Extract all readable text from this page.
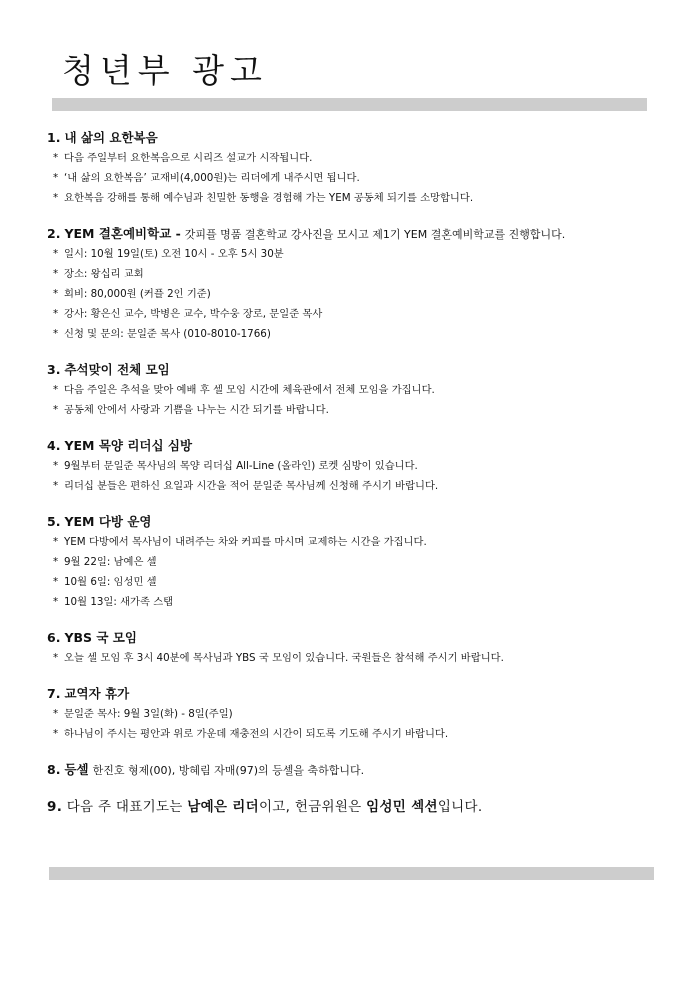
청년부 광고
1. 내 삶의 요한복음
* 다음 주일부터 요한복음으로 시리즈 설교가 시작됩니다.
* ‘내 삶의 요한복음’ 교재비(4,000원)는 리더에게 내주시면 됩니다.
* 요한복음 강해를 통해 예수님과 친밀한 동행을 경험해 가는 YEM 공동체 되기를 소망합니다.
2. YEM 결혼예비학교 - 갓피플 명품 결혼학교 강사진을 모시고 제1기 YEM 결혼예비학교를 진행합니다.
* 일시: 10월 19일(토) 오전 10시 - 오후 5시 30분
* 장소: 왕십리 교회
* 회비: 80,000원 (커플 2인 기준)
* 강사: 황은신 교수, 박병은 교수, 박수웅 장로, 문일준 목사
* 신청 및 문의: 문일준 목사 (010-8010-1766)
3. 추석맞이 전체 모임
* 다음 주일은 추석을 맞아 예배 후 셀 모임 시간에 체육관에서 전체 모임을 가집니다.
* 공동체 안에서 사랑과 기쁨을 나누는 시간 되기를 바랍니다.
4. YEM 목양 리더십 심방
* 9월부터 문일준 목사님의 목양 리더십 All-Line (올라인) 로켓 심방이 있습니다.
* 리더십 분들은 편하신 요일과 시간을 적어 문일준 목사님께 신청해 주시기 바랍니다.
5. YEM 다방 운영
* YEM 다방에서 목사님이 내려주는 차와 커피를 마시며 교제하는 시간을 가집니다.
* 9월 22일: 남예은 셀
* 10월 6일: 임성민 셀
* 10월 13일: 새가족 스탭
6. YBS 국 모임
* 오늘 셀 모임 후 3시 40분에 목사님과 YBS 국 모임이 있습니다. 국원들은 참석해 주시기 바랍니다.
7. 교역자 휴가
* 문일준 목사: 9월 3일(화) - 8일(주일)
* 하나님이 주시는 평안과 위로 가운데 재충전의 시간이 되도록 기도해 주시기 바랍니다.
8. 등셀 한진호 형제(00), 방혜림 자매(97)의 등셀을 축하합니다.
9. 다음 주 대표기도는 남예은 리더이고, 헌금위원은 임성민 섹션입니다.
